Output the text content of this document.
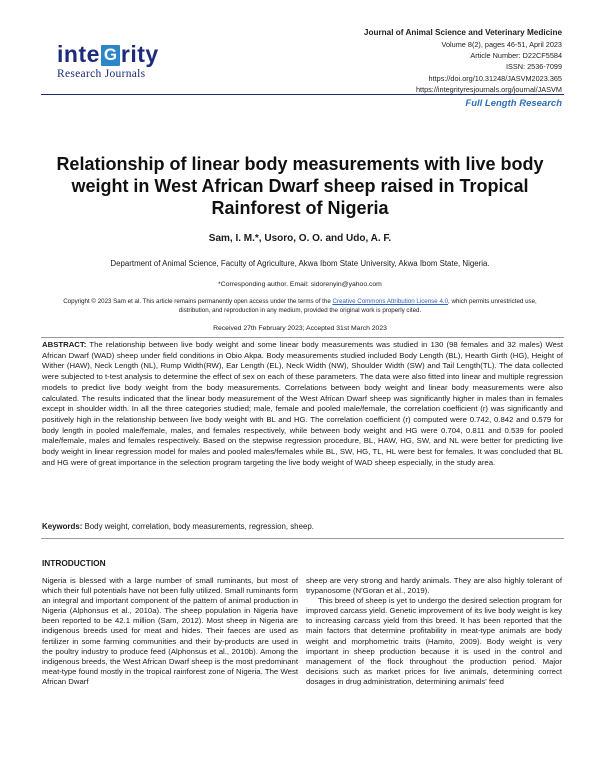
inte
G rity
Research Journals
Journal of Animal Science and Veterinary Medicine
Volume 8(2), pages 46-51, April 2023
Article Number: D22CF5584
ISSN: 2536-7099
https://doi.org/10.31248/JASVM2023.365
https://integrityresjournals.org/journal/JASVM
Full Length Research
Relationship of linear body measurements with live body weight in West African Dwarf sheep raised in Tropical Rainforest of Nigeria
Sam, I. M.*, Usoro, O. O. and Udo, A. F.
Department of Animal Science, Faculty of Agriculture, Akwa Ibom State University, Akwa Ibom State, Nigeria.
*Corresponding author. Email: sidorenyin@yahoo.com
Copyright © 2023 Sam et al. This article remains permanently open access under the terms of the Creative Commons Attribution License 4.0, which permits unrestricted use, distribution, and reproduction in any medium, provided the original work is properly cited.
Received 27th February 2023; Accepted 31st March 2023
ABSTRACT: The relationship between live body weight and some linear body measurements was studied in 130 (98 females and 32 males) West African Dwarf (WAD) sheep under field conditions in Obio Akpa. Body measurements studied included Body Length (BL), Hearth Girth (HG), Height of Wither (HAW), Neck Length (NL), Rump Width(RW), Ear Length (EL), Neck Width (NW), Shoulder Width (SW) and Tail Length(TL). The data collected were subjected to t-test analysis to determine the effect of sex on each of these parameters. The data were also fitted into linear and multiple regression models to predict live body weight from the body measurements. Correlations between body weight and linear body measurements were also calculated. The results indicated that the linear body measurement of the West African Dwarf sheep was significantly higher in males than in females except in shoulder width. In all the three categories studied; male, female and pooled male/female, the correlation coefficient (r) was significantly and positively high in the relationship between live body weight with BL and HG. The correlation coefficient (r) computed were 0.742, 0.842 and 0.579 for body length in pooled male/female, males, and females respectively, while between body weight and HG were 0.704, 0.811 and 0.539 for pooled male/female, males and females respectively. Based on the stepwise regression procedure, BL, HAW, HG, SW, and NL were better for predicting live body weight in linear regression model for males and pooled males/females while BL, SW, HG, TL, HL were best for females. It was concluded that BL and HG were of great importance in the selection program targeting the live body weight of WAD sheep especially, in the study area.
Keywords: Body weight, correlation, body measurements, regression, sheep.
INTRODUCTION

Nigeria is blessed with a large number of small ruminants, but most of which their full potentials have not been fully utilized. Small ruminants form an integral and important component of the pattern of animal production in Nigeria (Alphonsus et al., 2010a). The sheep population in Nigeria have been reported to be 42.1 million (Sam, 2012). Most sheep in Nigeria are indigenous breeds used for meat and hides. Their faeces are used as fertilizer in some farming communities and their by-products are used in the poultry industry to produce feed (Alphonsus et al., 2010b). Among the indigenous breeds, the West African Dwarf sheep is the most predominant meat-type found mostly in the tropical rainforest zone of Nigeria. The West African Dwarf

sheep are very strong and hardy animals. They are also highly tolerant of trypanosome (N'Goran et al., 2019).

This breed of sheep is yet to undergo the desired selection program for improved carcass yield. Genetic improvement of its live body weight is key to increasing carcass yield from this breed. It has been reported that the main factors that determine profitability in meat-type animals are body weight and morphometric traits (Hamito, 2009). Body weight is very important in sheep production because it is used in the control and management of the flock throughout the production period. Major decisions such as market prices for live animals, determining correct dosages in drug administration, determining animals' feed
